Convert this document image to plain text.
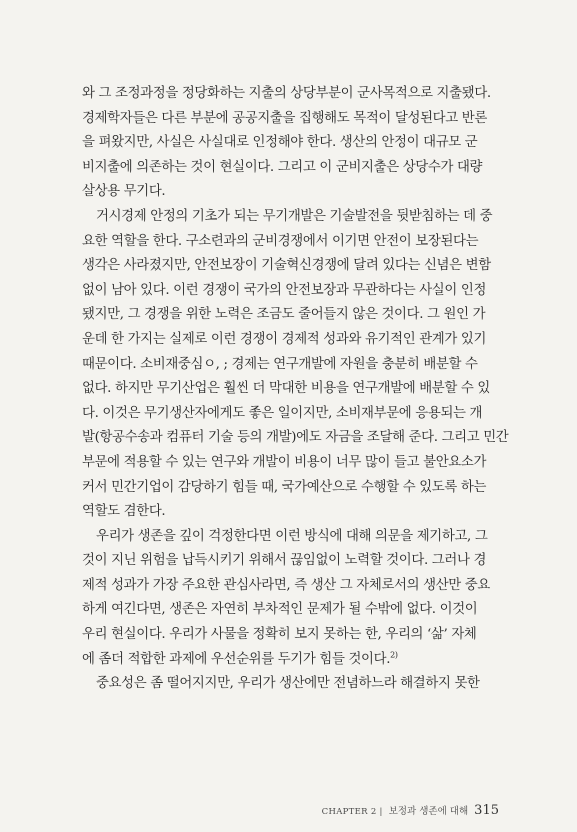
와 그 조정과정을 정당화하는 지출의 상당부분이 군사목적으로 지출됐다.
경제학자들은 다른 부분에 공공지출을 집행해도 목적이 달성된다고 반론
을 펴왔지만, 사실은 사실대로 인정해야 한다. 생산의 안정이 대규모 군
비지출에 의존하는 것이 현실이다. 그리고 이 군비지출은 상당수가 대량
살상용 무기다.
거시경제 안정의 기초가 되는 무기개발은 기술발전을 뒷받침하는 데 중
요한 역할을 한다. 구소련과의 군비경쟁에서 이기면 안전이 보장된다는
생각은 사라졌지만, 안전보장이 기술혁신경쟁에 달려 있다는 신념은 변함
없이 남아 있다. 이런 경쟁이 국가의 안전보장과 무관하다는 사실이 인정
됐지만, 그 경쟁을 위한 노력은 조금도 줄어들지 않은 것이다. 그 원인 가
운데 한 가지는 실제로 이런 경쟁이 경제적 성과와 유기적인 관계가 있기
때문이다. 소비재중심ㅇ, ; 경제는 연구개발에 자원을 충분히 배분할 수
없다. 하지만 무기산업은 훨씬 더 막대한 비용을 연구개발에 배분할 수 있
다. 이것은 무기생산자에게도 좋은 일이지만, 소비재부문에 응용되는 개
발(항공수송과 컴퓨터 기술 등의 개발)에도 자금을 조달해 준다. 그리고 민간
부문에 적용할 수 있는 연구와 개발이 비용이 너무 많이 들고 불안요소가
커서 민간기업이 감당하기 힘들 때, 국가예산으로 수행할 수 있도록 하는
역할도 겸한다.
우리가 생존을 깊이 걱정한다면 이런 방식에 대해 의문을 제기하고, 그
것이 지닌 위험을 납득시키기 위해서 끊임없이 노력할 것이다. 그러나 경
제적 성과가 가장 주요한 관심사라면, 즉 생산 그 자체로서의 생산만 중요
하게 여긴다면, 생존은 자연히 부차적인 문제가 될 수밖에 없다. 이것이
우리 현실이다. 우리가 사물을 정확히 보지 못하는 한, 우리의 ‘삶’ 자체
에 좀더 적합한 과제에 우선순위를 두기가 힘들 것이다.$^{2)}$
중요성은 좀 떨어지지만, 우리가 생산에만 전념하느라 해결하지 못한
CHAPTER 2 | 보정과 생존에 대해 315
